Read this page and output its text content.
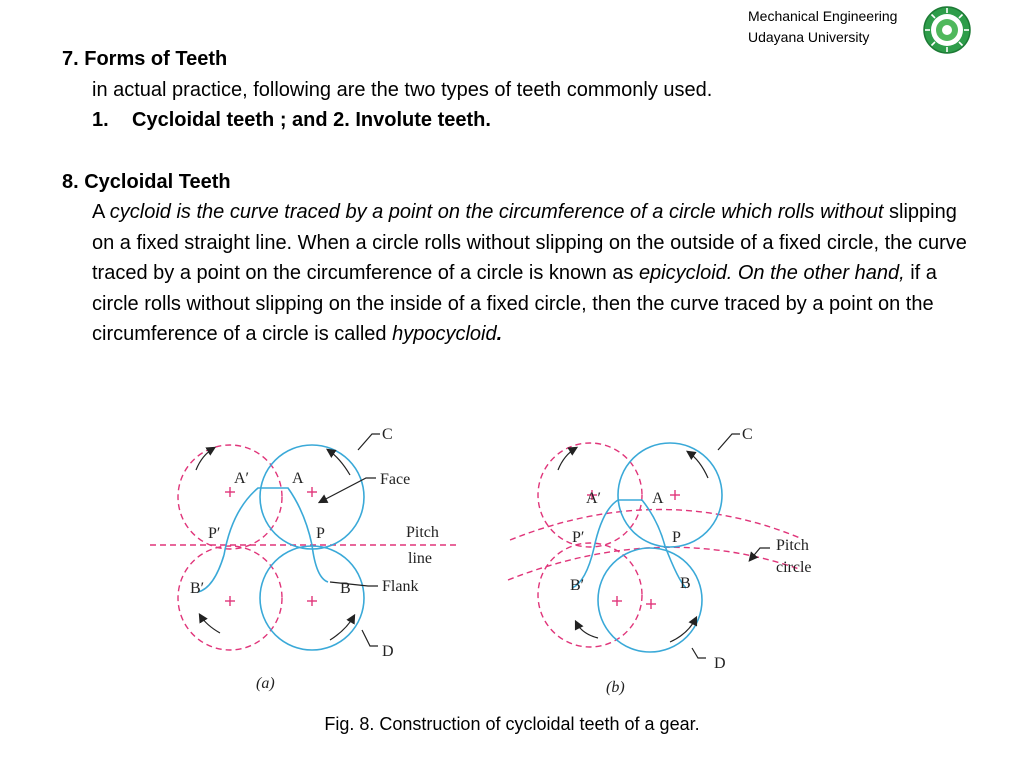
Mechanical Engineering
Udayana University
7. Forms of Teeth
in actual practice, following are the two types of teeth commonly used.
1. Cycloidal teeth ; and 2. Involute teeth.
8. Cycloidal Teeth
A cycloid is the curve traced by a point on the circumference of a circle which rolls without slipping on a fixed straight line. When a circle rolls without slipping on the outside of a fixed circle, the curve traced by a point on the circumference of a circle is known as epicycloid. On the other hand, if a circle rolls without slipping on the inside of a fixed circle, then the curve traced by a point on the circumference of a circle is called hypocycloid.
C
Face
A′	A
P′	P	Pitch
line
B′	B Flank
D
(a)
C
A′	A
P′	P	Pitch
circle
B′	B
D
(b)
Fig. 8. Construction of cycloidal teeth of a gear.
